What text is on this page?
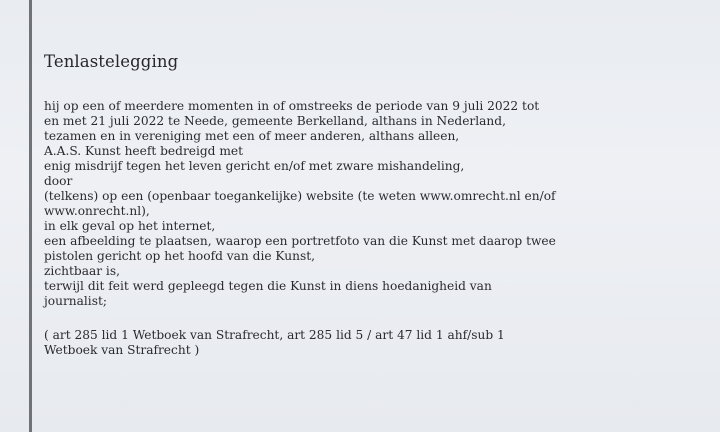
Tenlastelegging
hij op een of meerdere momenten in of omstreeks de periode van 9 juli 2022 tot
en met 21 juli 2022 te Neede, gemeente Berkelland, althans in Nederland,
tezamen en in vereniging met een of meer anderen, althans alleen,
A.A.S. Kunst heeft bedreigd met
enig misdrijf tegen het leven gericht en/of met zware mishandeling,
door
(telkens) op een (openbaar toegankelijke) website (te weten www.omrecht.nl en/of
www.onrecht.nl),
in elk geval op het internet,
een afbeelding te plaatsen, waarop een portretfoto van die Kunst met daarop twee
pistolen gericht op het hoofd van die Kunst,
zichtbaar is,
terwijl dit feit werd gepleegd tegen die Kunst in diens hoedanigheid van
journalist;
( art 285 lid 1 Wetboek van Strafrecht, art 285 lid 5 / art 47 lid 1 ahf/sub 1
Wetboek van Strafrecht )
